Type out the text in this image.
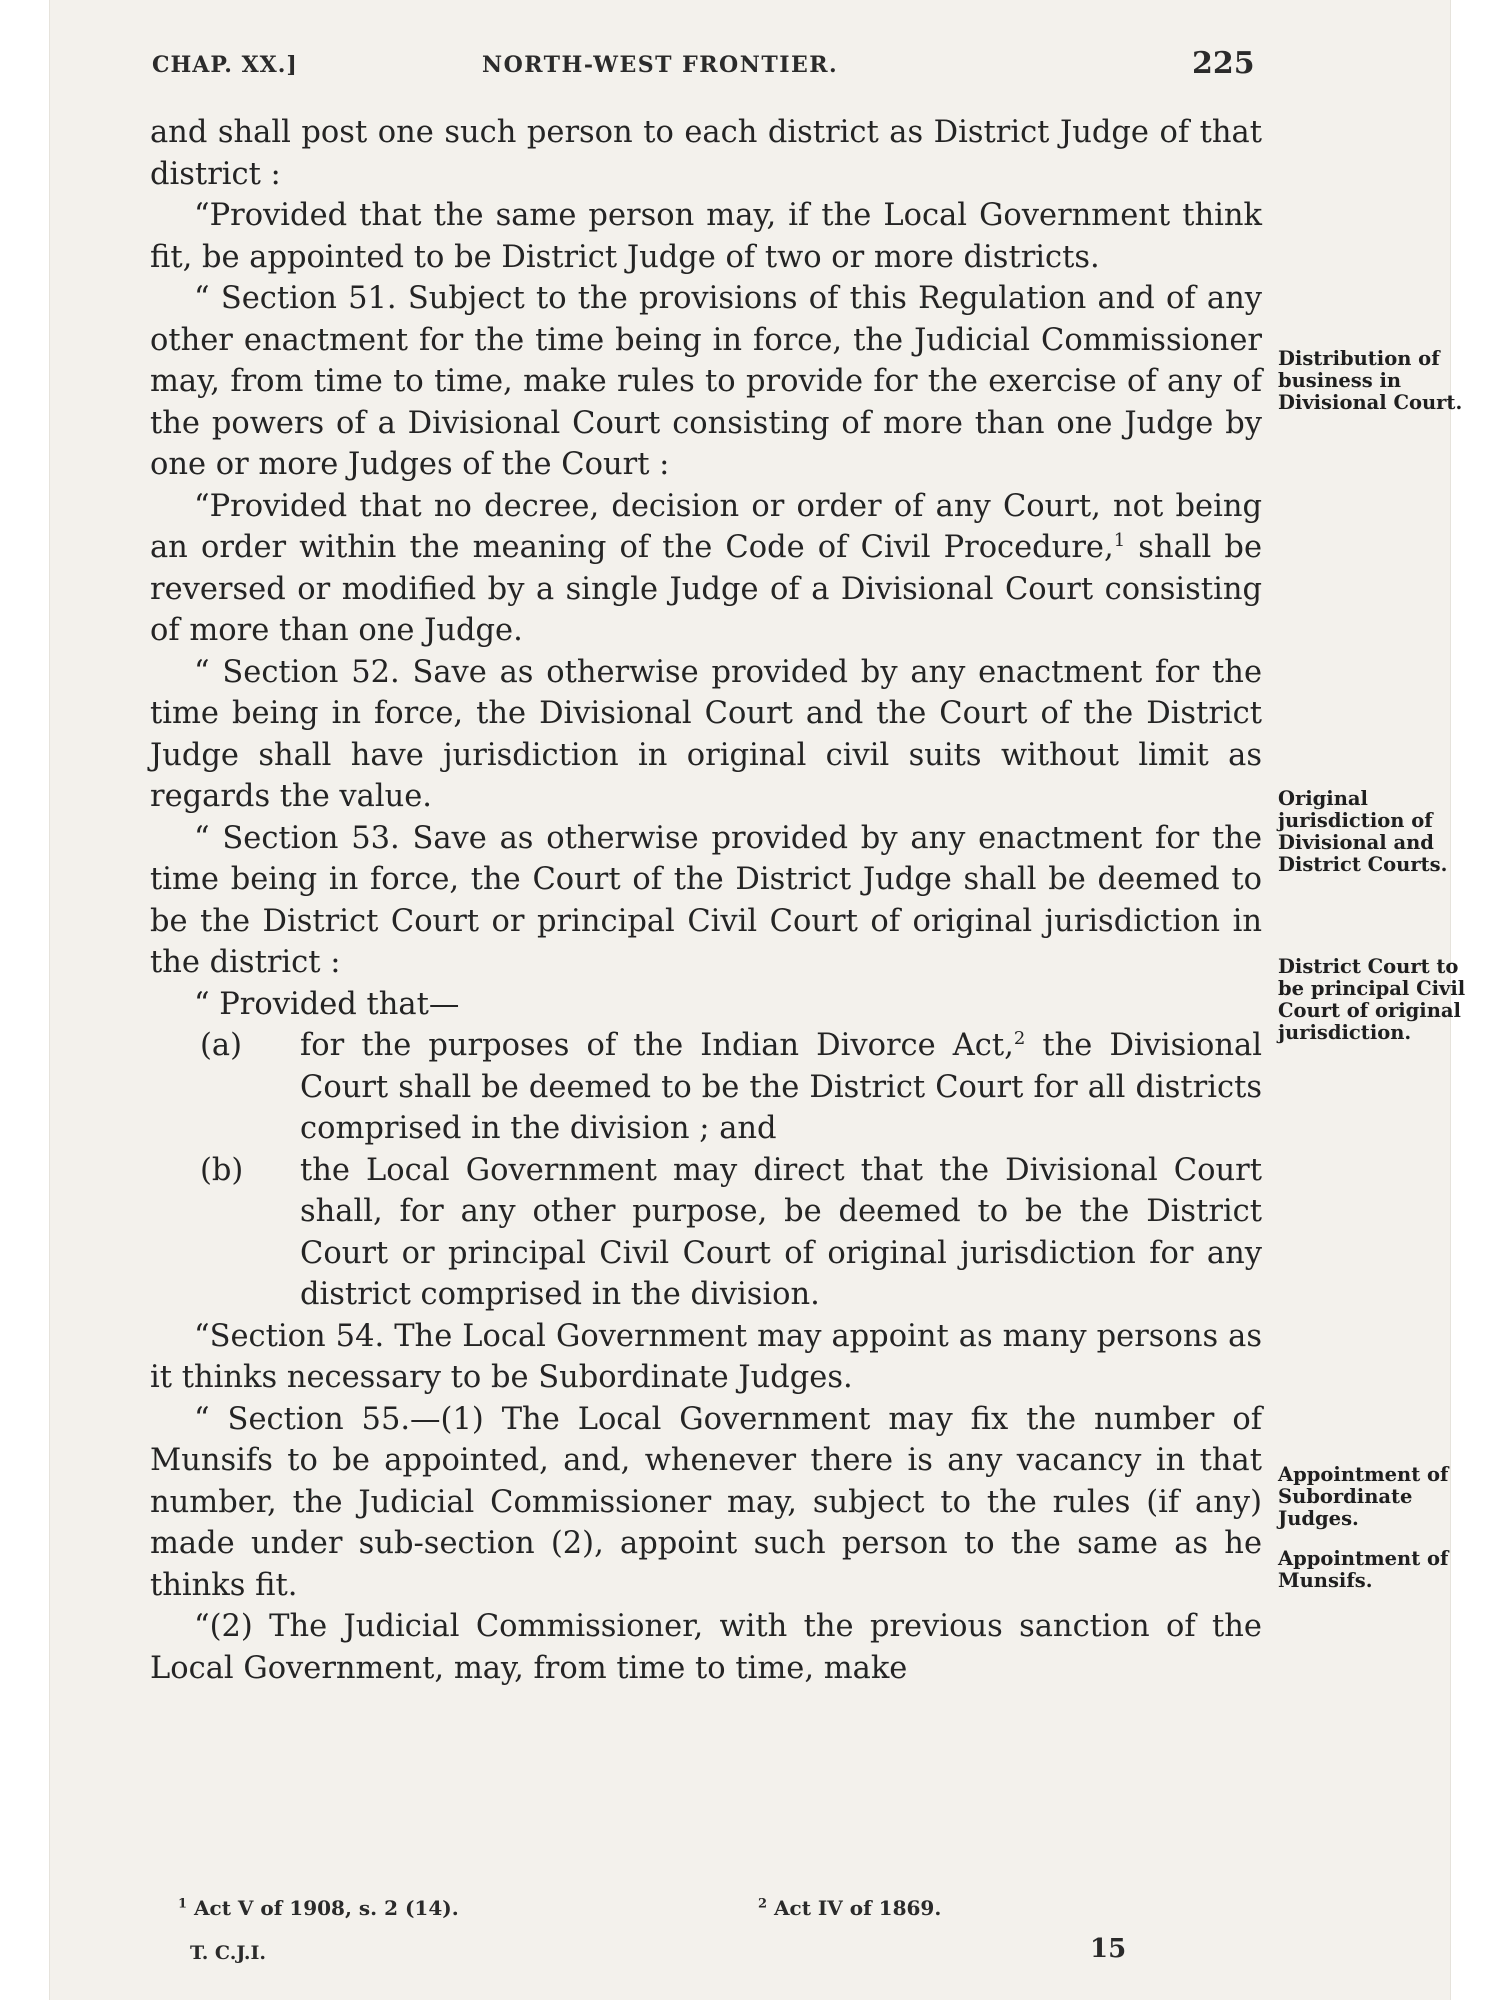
CHAP. XX.]	NORTH-WEST FRONTIER.	225

and shall post one such person to each district as District Judge of that district :

“Provided that the same person may, if the Local Government think fit, be appointed to be District Judge of two or more districts.

“ Section 51. Subject to the provisions of this Regulation and of any other enactment for the time being in force, the Judicial Commissioner may, from time to time, make rules to provide for the exercise of any of the powers of a Divisional Court consisting of more than one Judge by one or more Judges of the Court :

“Provided that no decree, decision or order of any Court, not being an order within the meaning of the Code of Civil Procedure,$^1$ shall be reversed or modified by a single Judge of a Divisional Court consisting of more than one Judge.

“ Section 52. Save as otherwise provided by any enactment for the time being in force, the Divisional Court and the Court of the District Judge shall have jurisdiction in original civil suits without limit as regards the value.

“ Section 53. Save as otherwise provided by any enactment for the time being in force, the Court of the District Judge shall be deemed to be the District Court or principal Civil Court of original jurisdiction in the district :

“ Provided that—

(a) for the purposes of the Indian Divorce Act,$^2$ the Divisional Court shall be deemed to be the District Court for all districts comprised in the division ; and

(b) the Local Government may direct that the Divisional Court shall, for any other purpose, be deemed to be the District Court or principal Civil Court of original jurisdiction for any district comprised in the division.

“Section 54. The Local Government may appoint as many persons as it thinks necessary to be Subordinate Judges.

“ Section 55.—(1) The Local Government may fix the number of Munsifs to be appointed, and, whenever there is any vacancy in that number, the Judicial Commissioner may, subject to the rules (if any) made under sub-section (2), appoint such person to the same as he thinks fit.

“(2) The Judicial Commissioner, with the previous sanction of the Local Government, may, from time to time, make

Distribution of business in Divisional Court.
Original jurisdiction of Divisional and District Courts.
District Court to be principal Civil Court of original jurisdiction.
Appointment of Subordinate Judges.
Appointment of Munsifs.
$^1$ Act V of 1908, s. 2 (14).	$^2$ Act IV of 1869.
T. C.J.I.	15
